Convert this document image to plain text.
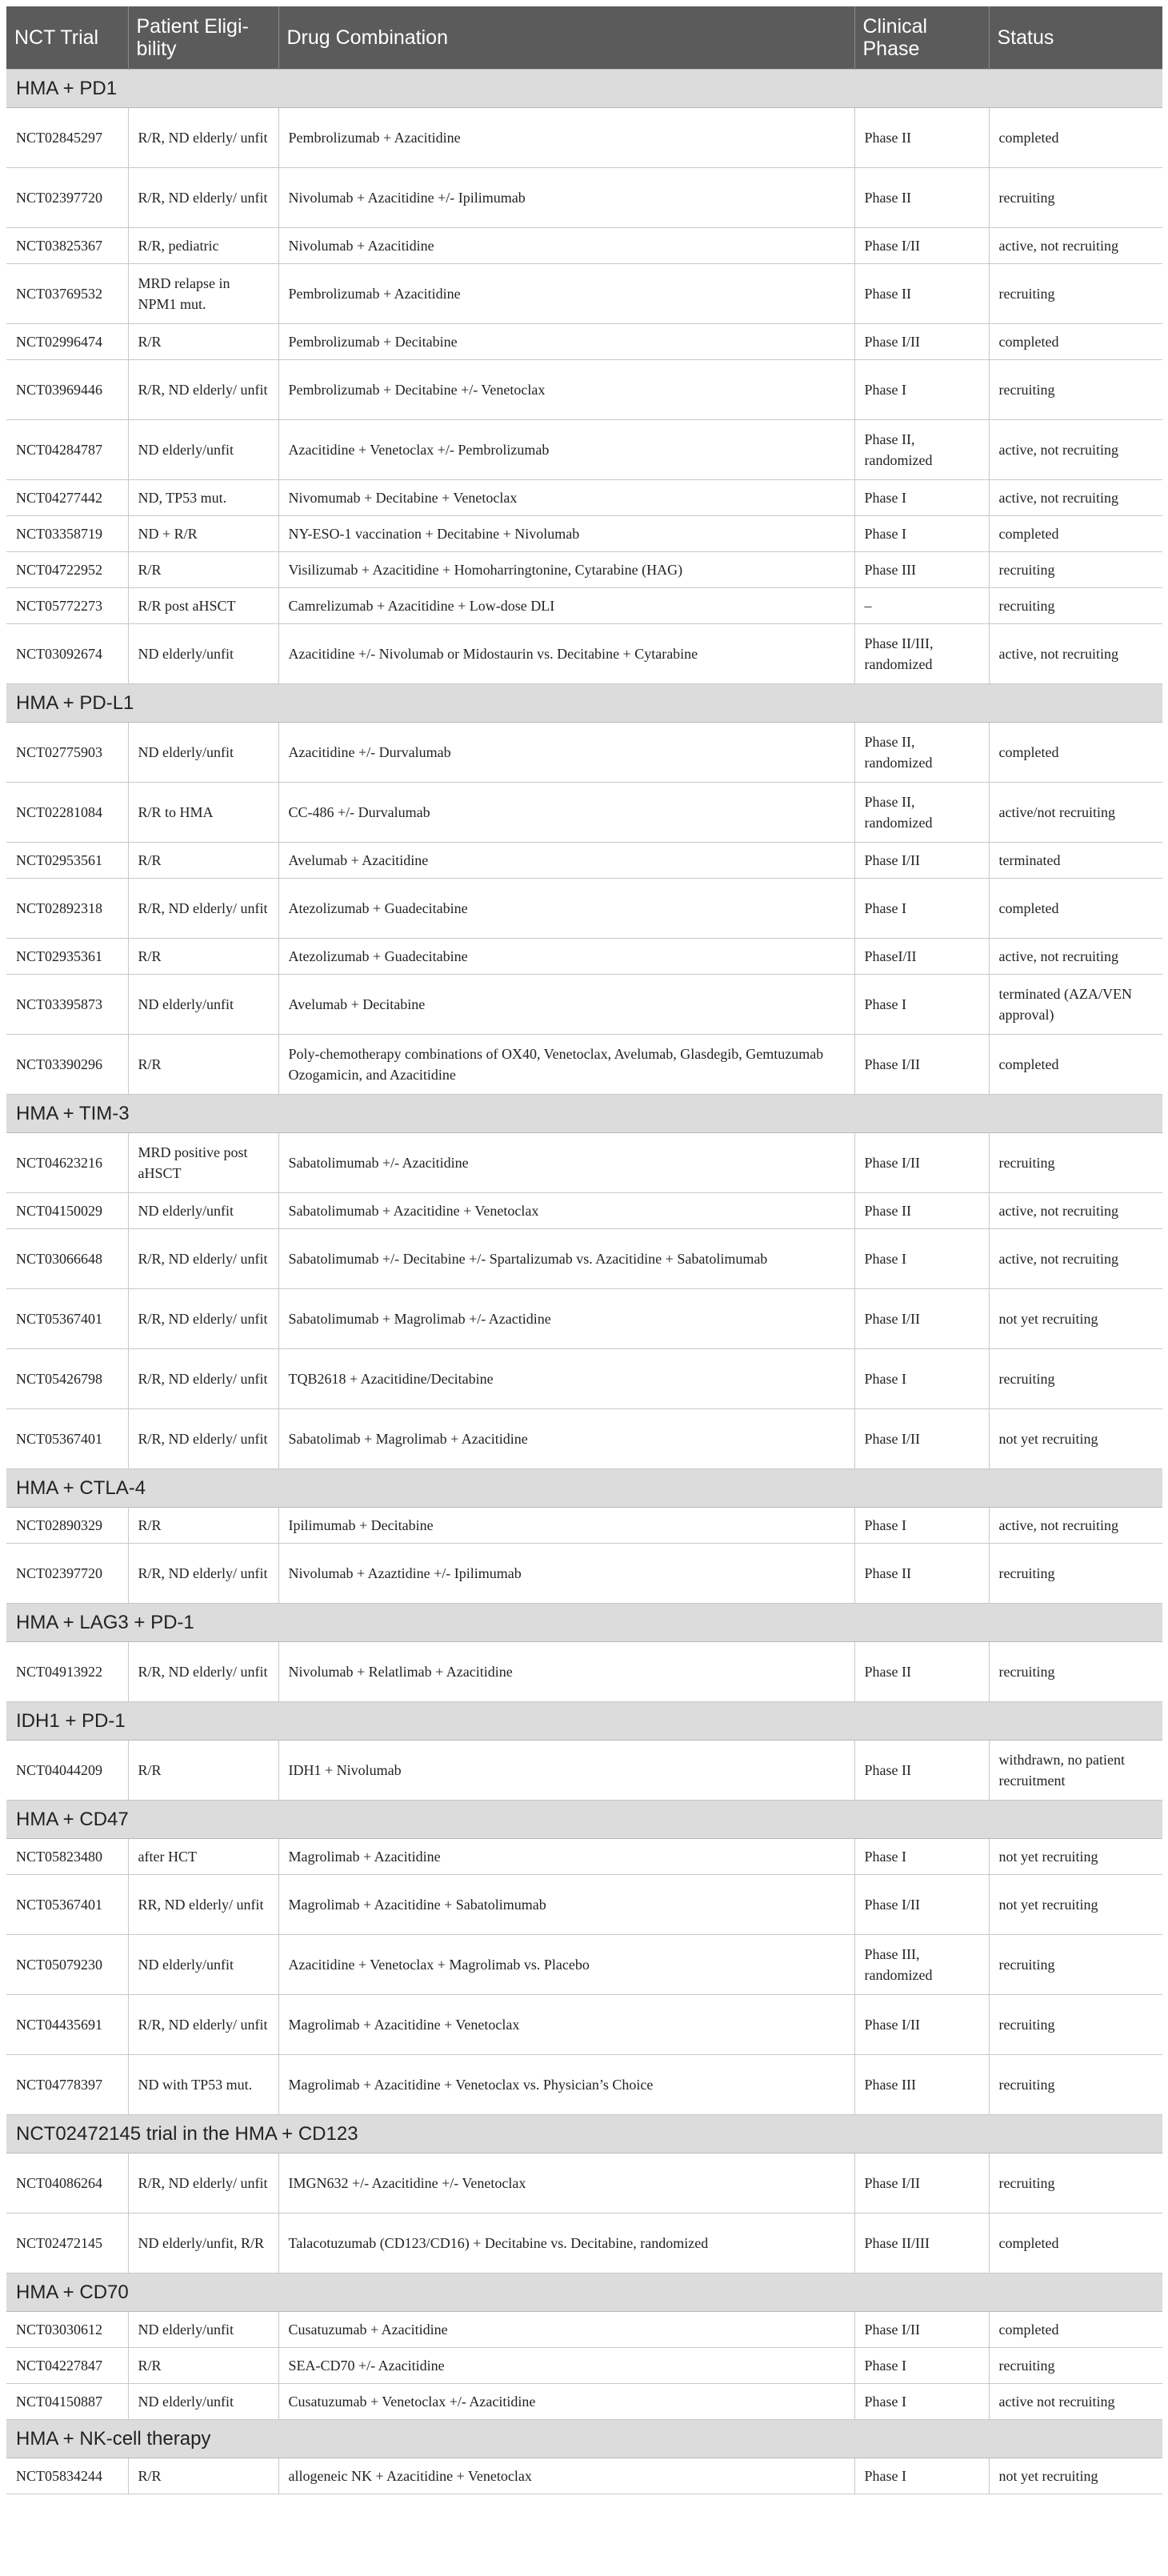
NCT Trial	Patient Eligi-bility	Drug Combination	Clinical Phase	Status
HMA + PD1				
NCT02845297	R/R, ND elderly/ unfit	Pembrolizumab + Azacitidine	Phase II	completed
NCT02397720	R/R, ND elderly/ unfit	Nivolumab + Azacitidine +/- Ipilimumab	Phase II	recruiting
NCT03825367	R/R, pediatric	Nivolumab + Azacitidine	Phase I/II	active, not recruiting
NCT03769532	MRD relapse in NPM1 mut.	Pembrolizumab + Azacitidine	Phase II	recruiting
NCT02996474	R/R	Pembrolizumab + Decitabine	Phase I/II	completed
NCT03969446	R/R, ND elderly/ unfit	Pembrolizumab + Decitabine +/- Venetoclax	Phase I	recruiting
NCT04284787	ND elderly/unfit	Azacitidine + Venetoclax +/- Pembrolizumab	Phase II, randomized	active, not recruiting
NCT04277442	ND, TP53 mut.	Nivomumab + Decitabine + Venetoclax	Phase I	active, not recruiting
NCT03358719	ND + R/R	NY-ESO-1 vaccination + Decitabine + Nivolumab	Phase I	completed
NCT04722952	R/R	Visilizumab + Azacitidine + Homoharringtonine, Cytarabine (HAG)	Phase III	recruiting
NCT05772273	R/R post aHSCT	Camrelizumab + Azacitidine + Low-dose DLI	–	recruiting
NCT03092674	ND elderly/unfit	Azacitidine +/- Nivolumab or Midostaurin vs. Decitabine + Cytarabine	Phase II/III, randomized	active, not recruiting
HMA + PD-L1				
NCT02775903	ND elderly/unfit	Azacitidine +/- Durvalumab	Phase II, randomized	completed
NCT02281084	R/R to HMA	CC-486 +/- Durvalumab	Phase II, randomized	active/not recruiting
NCT02953561	R/R	Avelumab + Azacitidine	Phase I/II	terminated
NCT02892318	R/R, ND elderly/ unfit	Atezolizumab + Guadecitabine	Phase I	completed
NCT02935361	R/R	Atezolizumab + Guadecitabine	PhaseI/II	active, not recruiting
NCT03395873	ND elderly/unfit	Avelumab + Decitabine	Phase I	terminated (AZA/VEN approval)
NCT03390296	R/R	Poly-chemotherapy combinations of OX40, Venetoclax, Avelumab, Glasdegib, Gemtuzumab Ozogamicin, and Azacitidine	Phase I/II	completed
HMA + TIM-3				
NCT04623216	MRD positive post aHSCT	Sabatolimumab +/- Azacitidine	Phase I/II	recruiting
NCT04150029	ND elderly/unfit	Sabatolimumab + Azacitidine + Venetoclax	Phase II	active, not recruiting
NCT03066648	R/R, ND elderly/ unfit	Sabatolimumab +/- Decitabine +/- Spartalizumab vs. Azacitidine + Sabatolimumab	Phase I	active, not recruiting
NCT05367401	R/R, ND elderly/ unfit	Sabatolimumab + Magrolimab +/- Azactidine	Phase I/II	not yet recruiting
NCT05426798	R/R, ND elderly/ unfit	TQB2618 + Azacitidine/Decitabine	Phase I	recruiting
NCT05367401	R/R, ND elderly/ unfit	Sabatolimab + Magrolimab + Azacitidine	Phase I/II	not yet recruiting
HMA + CTLA-4				
NCT02890329	R/R	Ipilimumab + Decitabine	Phase I	active, not recruiting
NCT02397720	R/R, ND elderly/ unfit	Nivolumab + Azaztidine +/- Ipilimumab	Phase II	recruiting
HMA + LAG3 + PD-1				
NCT04913922	R/R, ND elderly/ unfit	Nivolumab + Relatlimab + Azacitidine	Phase II	recruiting
IDH1 + PD-1				
NCT04044209	R/R	IDH1 + Nivolumab	Phase II	withdrawn, no patient recruitment
HMA + CD47				
NCT05823480	after HCT	Magrolimab + Azacitidine	Phase I	not yet recruiting
NCT05367401	RR, ND elderly/ unfit	Magrolimab + Azacitidine + Sabatolimumab	Phase I/II	not yet recruiting
NCT05079230	ND elderly/unfit	Azacitidine + Venetoclax + Magrolimab vs. Placebo	Phase III, randomized	recruiting
NCT04435691	R/R, ND elderly/ unfit	Magrolimab + Azacitidine + Venetoclax	Phase I/II	recruiting
NCT04778397	ND with TP53 mut.	Magrolimab + Azacitidine + Venetoclax vs. Physician’s Choice	Phase III	recruiting
NCT02472145 trial in the HMA + CD123				
NCT04086264	R/R, ND elderly/ unfit	IMGN632 +/- Azacitidine +/- Venetoclax	Phase I/II	recruiting
NCT02472145	ND elderly/unfit, R/R	Talacotuzumab (CD123/CD16) + Decitabine vs. Decitabine, randomized	Phase II/III	completed
HMA + CD70				
NCT03030612	ND elderly/unfit	Cusatuzumab + Azacitidine	Phase I/II	completed
NCT04227847	R/R	SEA-CD70 +/- Azacitidine	Phase I	recruiting
NCT04150887	ND elderly/unfit	Cusatuzumab + Venetoclax +/- Azacitidine	Phase I	active not recruiting
HMA + NK-cell therapy				
NCT05834244	R/R	allogeneic NK + Azacitidine + Venetoclax	Phase I	not yet recruiting
